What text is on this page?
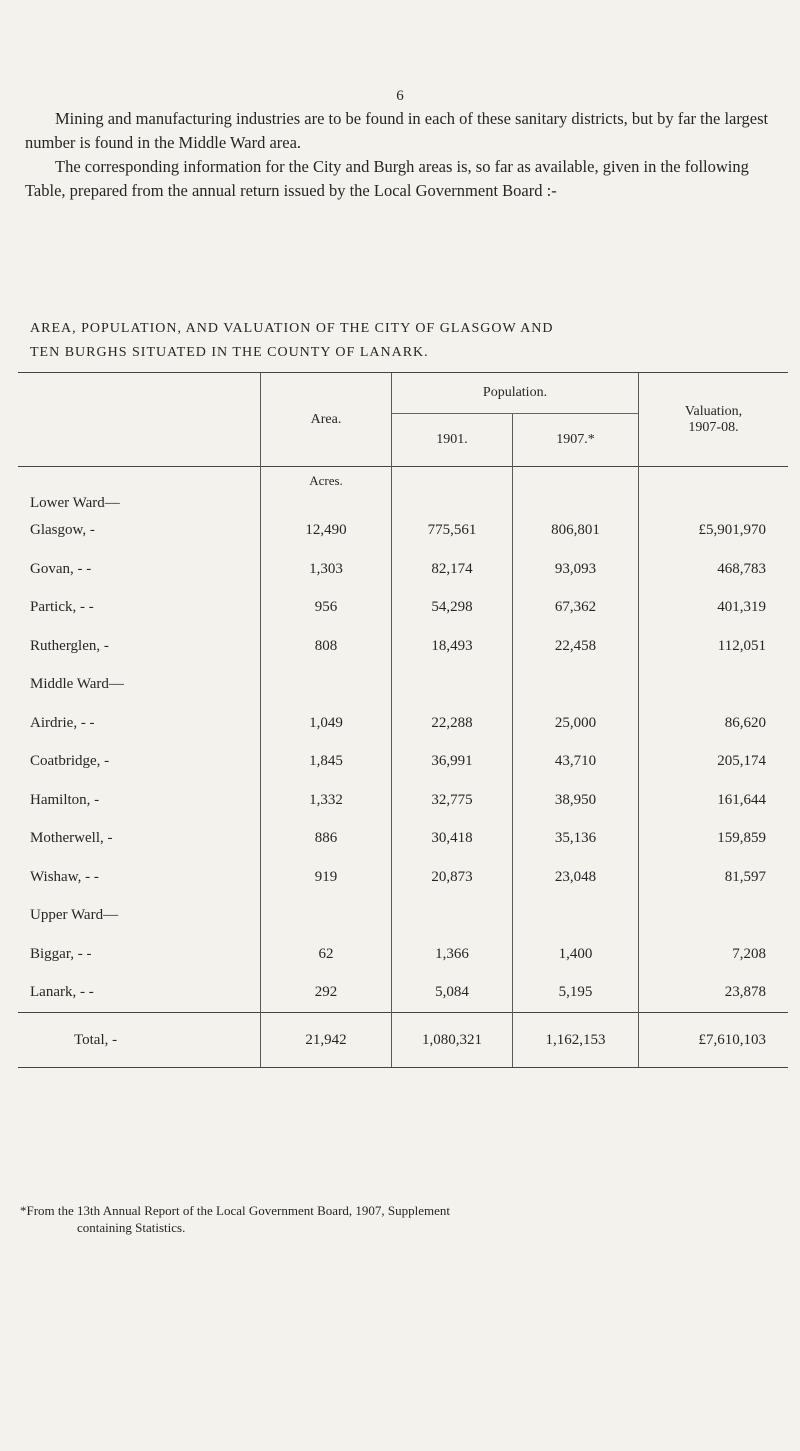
6

Mining and manufacturing industries are to be found in each of these sanitary districts, but by far the largest number is found in the Middle Ward area.

The corresponding information for the City and Burgh areas is, so far as available, given in the following Table, prepared from the annual return issued by the Local Government Board :-

AREA, POPULATION, AND VALUATION OF THE CITY OF GLASGOW AND
TEN BURGHS SITUATED IN THE COUNTY OF LANARK.
	Area.	Population.		Valuation,
1907-08.

		1901.	1907.*	
Lower Ward—	Acres.			
Glasgow, -	12,490	775,561	806,801	£5,901,970
Govan, - -	1,303	82,174	93,093	468,783
Partick, - -	956	54,298	67,362	401,319
Rutherglen, -	808	18,493	22,458	112,051
Middle Ward—				
Airdrie, - -	1,049	22,288	25,000	86,620
Coatbridge, -	1,845	36,991	43,710	205,174
Hamilton, -	1,332	32,775	38,950	161,644
Motherwell, -	886	30,418	35,136	159,859
Wishaw, - -	919	20,873	23,048	81,597
Upper Ward—				
Biggar, - -	62	1,366	1,400	7,208
Lanark, - -	292	5,084	5,195	23,878
Total, -	21,942	1,080,321	1,162,153	£7,610,103
*From the 13th Annual Report of the Local Government Board, 1907, Supplement
containing Statistics.
